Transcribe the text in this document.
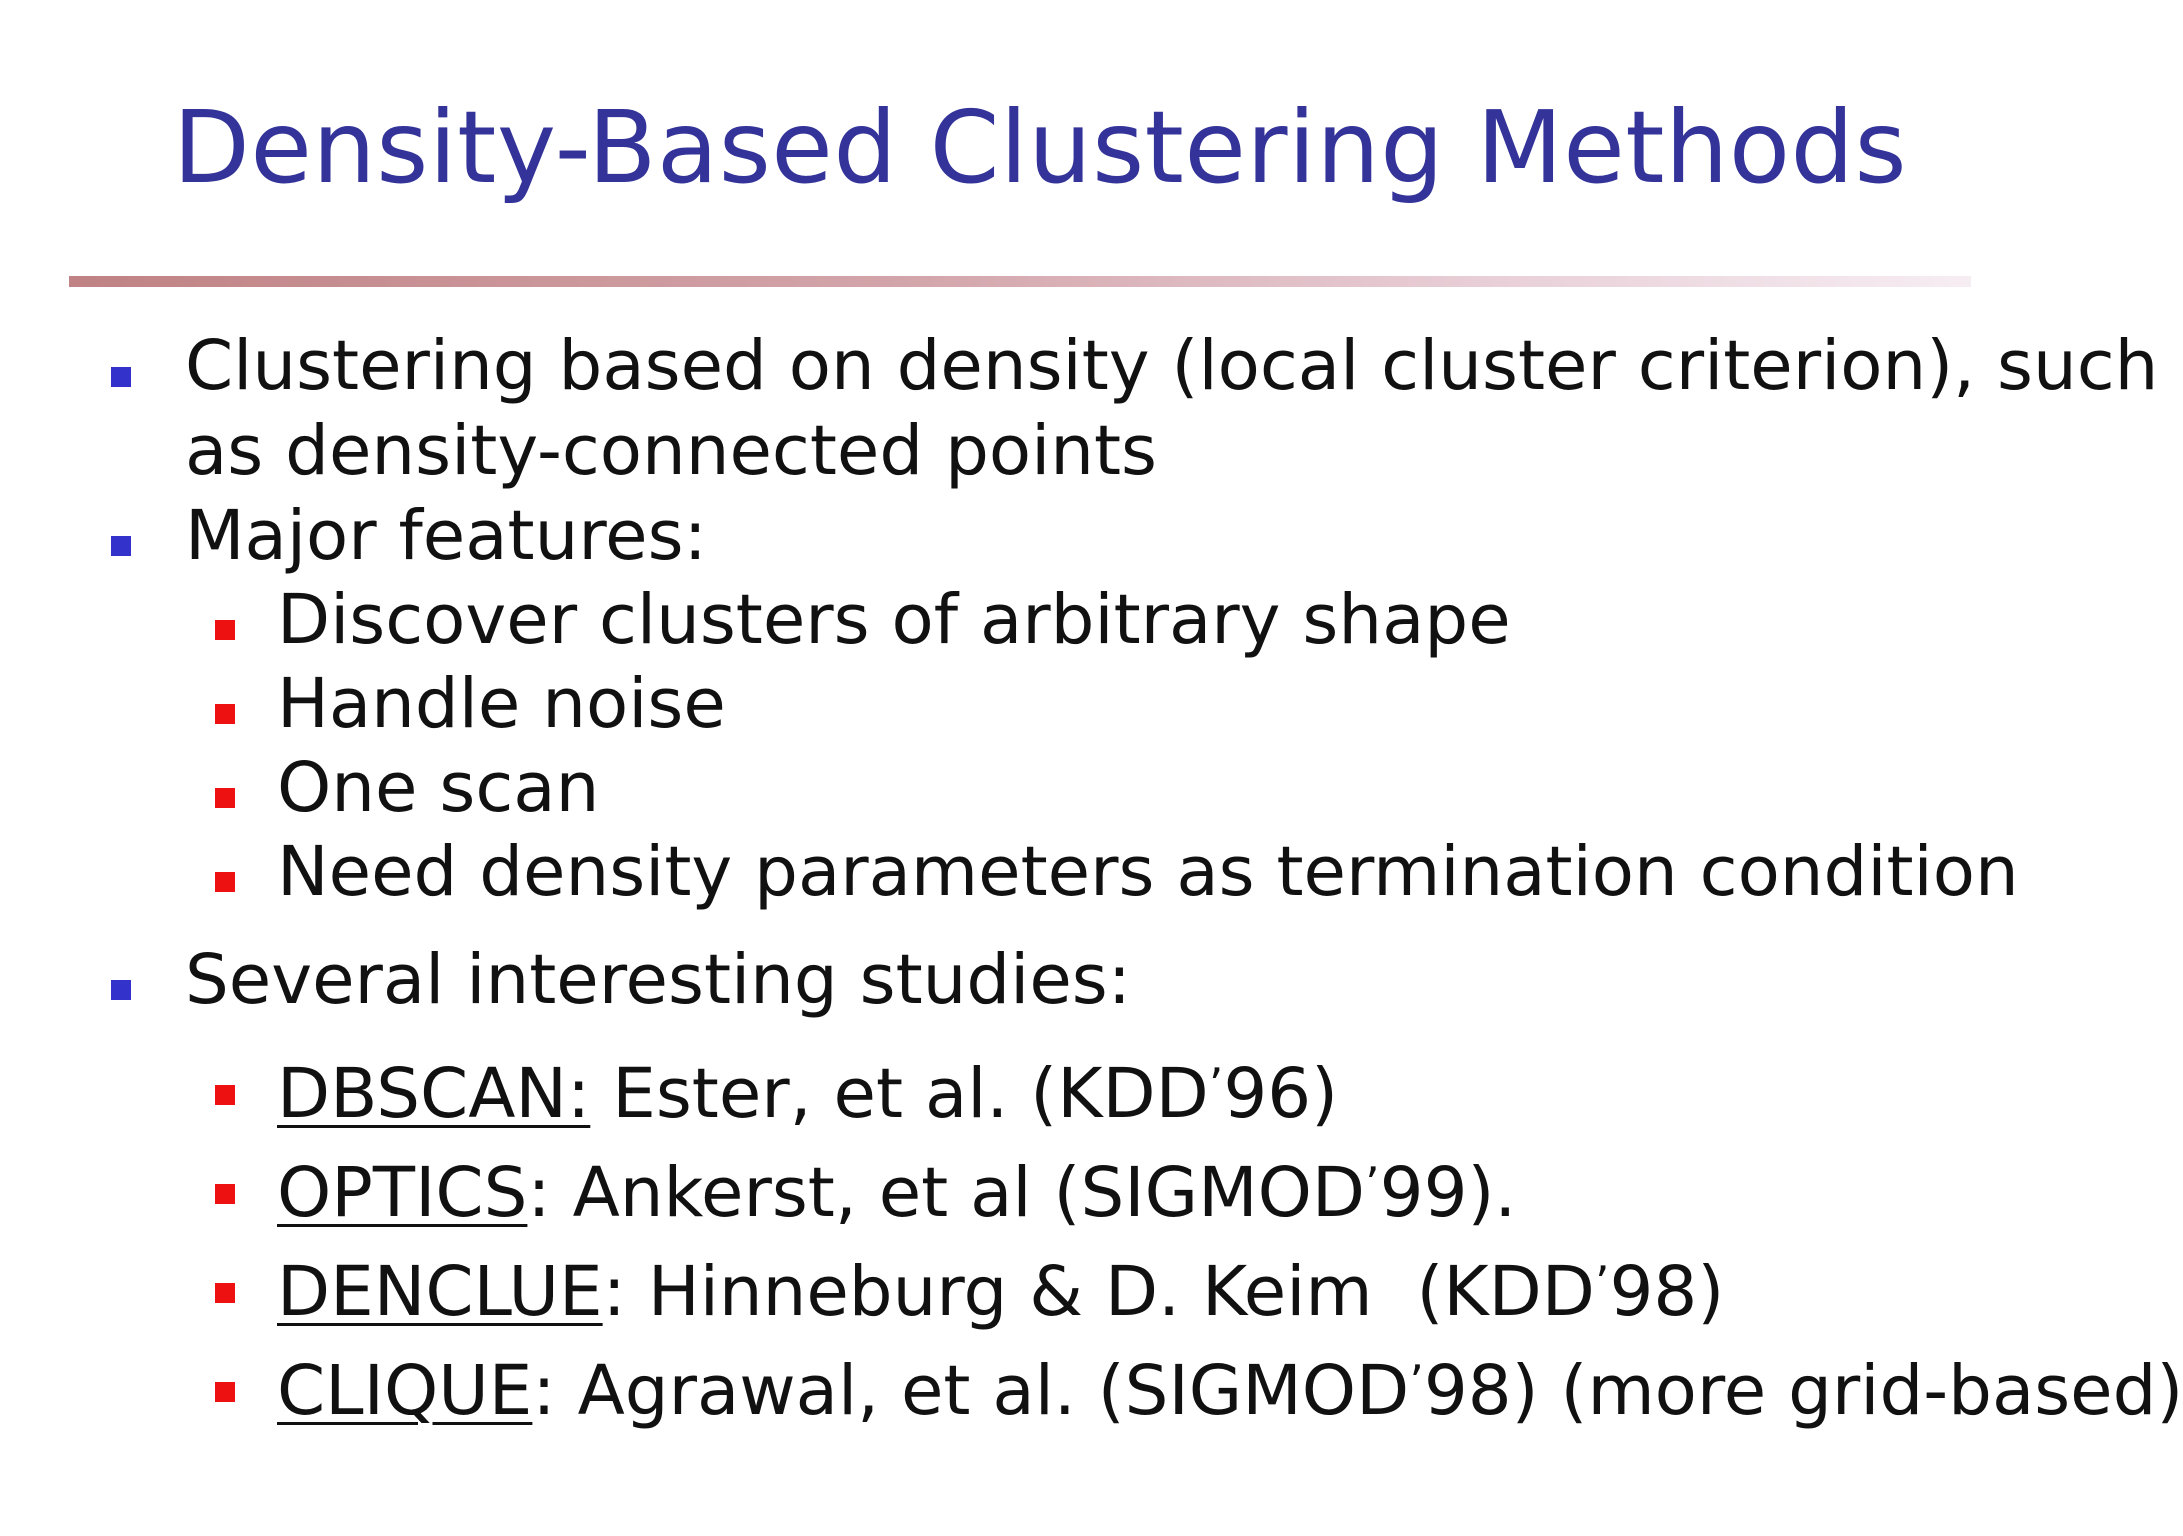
Density-Based Clustering Methods
Clustering based on density (local cluster criterion), such
as density-connected points
Major features:
Discover clusters of arbitrary shape
Handle noise
One scan
Need density parameters as termination condition
Several interesting studies:
DBSCAN: Ester, et al. (KDD’96)
OPTICS: Ankerst, et al (SIGMOD’99).
DENCLUE: Hinneburg & D. Keim  (KDD’98)
CLIQUE: Agrawal, et al. (SIGMOD’98) (more grid-based)
